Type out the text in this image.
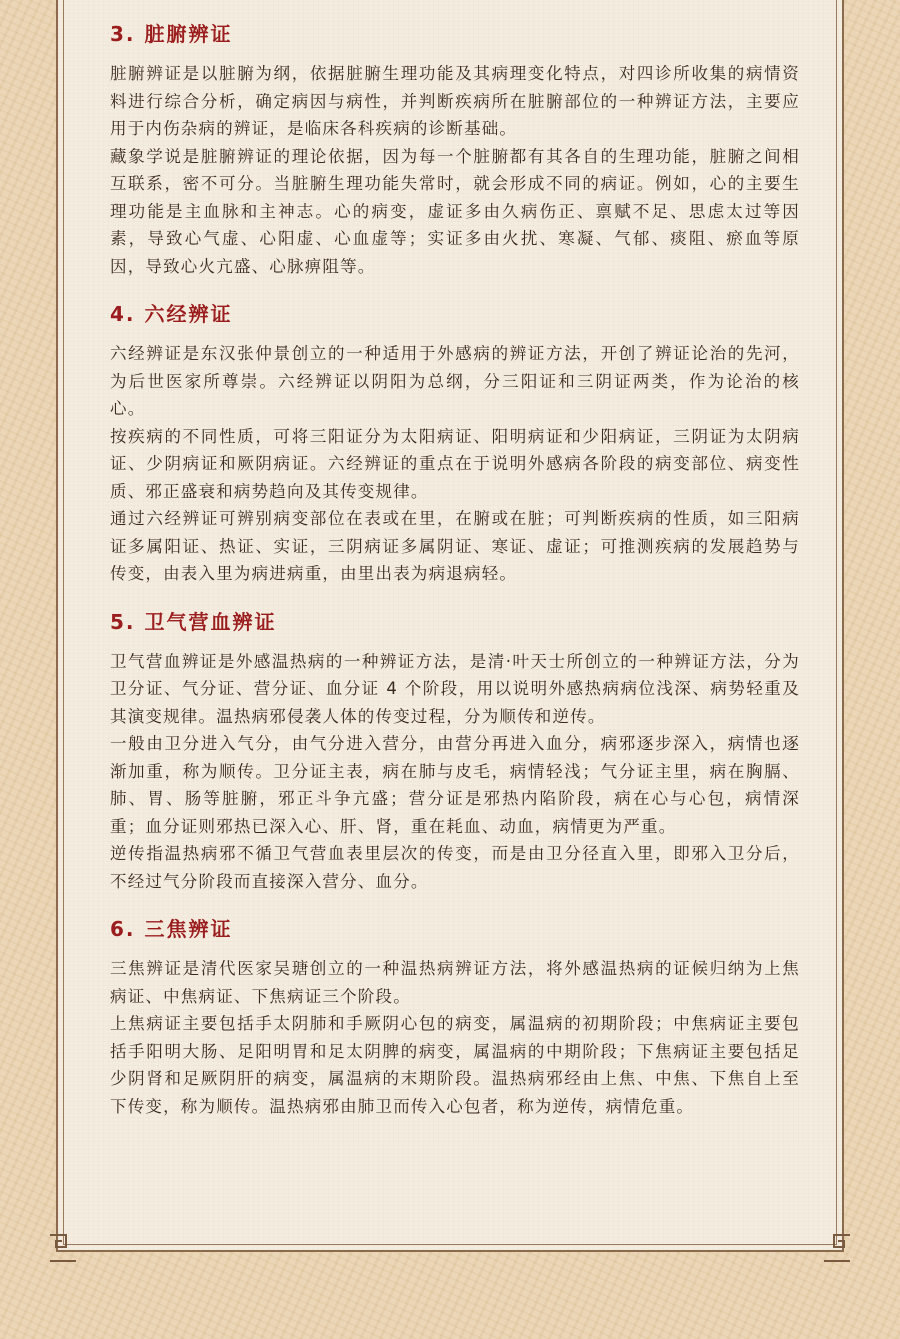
3. 脏腑辨证

脏腑辨证是以脏腑为纲，依据脏腑生理功能及其病理变化特点，对四诊所收集的病情资料进行综合分析，确定病因与病性，并判断疾病所在脏腑部位的一种辨证方法，主要应用于内伤杂病的辨证，是临床各科疾病的诊断基础。

藏象学说是脏腑辨证的理论依据，因为每一个脏腑都有其各自的生理功能，脏腑之间相互联系，密不可分。当脏腑生理功能失常时，就会形成不同的病证。例如，心的主要生理功能是主血脉和主神志。心的病变，虚证多由久病伤正、禀赋不足、思虑太过等因素，导致心气虚、心阳虚、心血虚等；实证多由火扰、寒凝、气郁、痰阻、瘀血等原因，导致心火亢盛、心脉痹阻等。

4. 六经辨证

六经辨证是东汉张仲景创立的一种适用于外感病的辨证方法，开创了辨证论治的先河，为后世医家所尊崇。六经辨证以阴阳为总纲，分三阳证和三阴证两类，作为论治的核心。

按疾病的不同性质，可将三阳证分为太阳病证、阳明病证和少阳病证，三阴证为太阴病证、少阴病证和厥阴病证。六经辨证的重点在于说明外感病各阶段的病变部位、病变性质、邪正盛衰和病势趋向及其传变规律。

通过六经辨证可辨别病变部位在表或在里，在腑或在脏；可判断疾病的性质，如三阳病证多属阳证、热证、实证，三阴病证多属阴证、寒证、虚证；可推测疾病的发展趋势与传变，由表入里为病进病重，由里出表为病退病轻。

5. 卫气营血辨证

卫气营血辨证是外感温热病的一种辨证方法，是清·叶天士所创立的一种辨证方法，分为卫分证、气分证、营分证、血分证 4 个阶段，用以说明外感热病病位浅深、病势轻重及其演变规律。温热病邪侵袭人体的传变过程，分为顺传和逆传。

一般由卫分进入气分，由气分进入营分，由营分再进入血分，病邪逐步深入，病情也逐渐加重，称为顺传。卫分证主表，病在肺与皮毛，病情轻浅；气分证主里，病在胸膈、肺、胃、肠等脏腑，邪正斗争亢盛；营分证是邪热内陷阶段，病在心与心包，病情深重；血分证则邪热已深入心、肝、肾，重在耗血、动血，病情更为严重。

逆传指温热病邪不循卫气营血表里层次的传变，而是由卫分径直入里，即邪入卫分后，不经过气分阶段而直接深入营分、血分。

6. 三焦辨证

三焦辨证是清代医家吴瑭创立的一种温热病辨证方法，将外感温热病的证候归纳为上焦病证、中焦病证、下焦病证三个阶段。

上焦病证主要包括手太阴肺和手厥阴心包的病变，属温病的初期阶段；中焦病证主要包括手阳明大肠、足阳明胃和足太阴脾的病变，属温病的中期阶段；下焦病证主要包括足少阴肾和足厥阴肝的病变，属温病的末期阶段。温热病邪经由上焦、中焦、下焦自上至下传变，称为顺传。温热病邪由肺卫而传入心包者，称为逆传，病情危重。
